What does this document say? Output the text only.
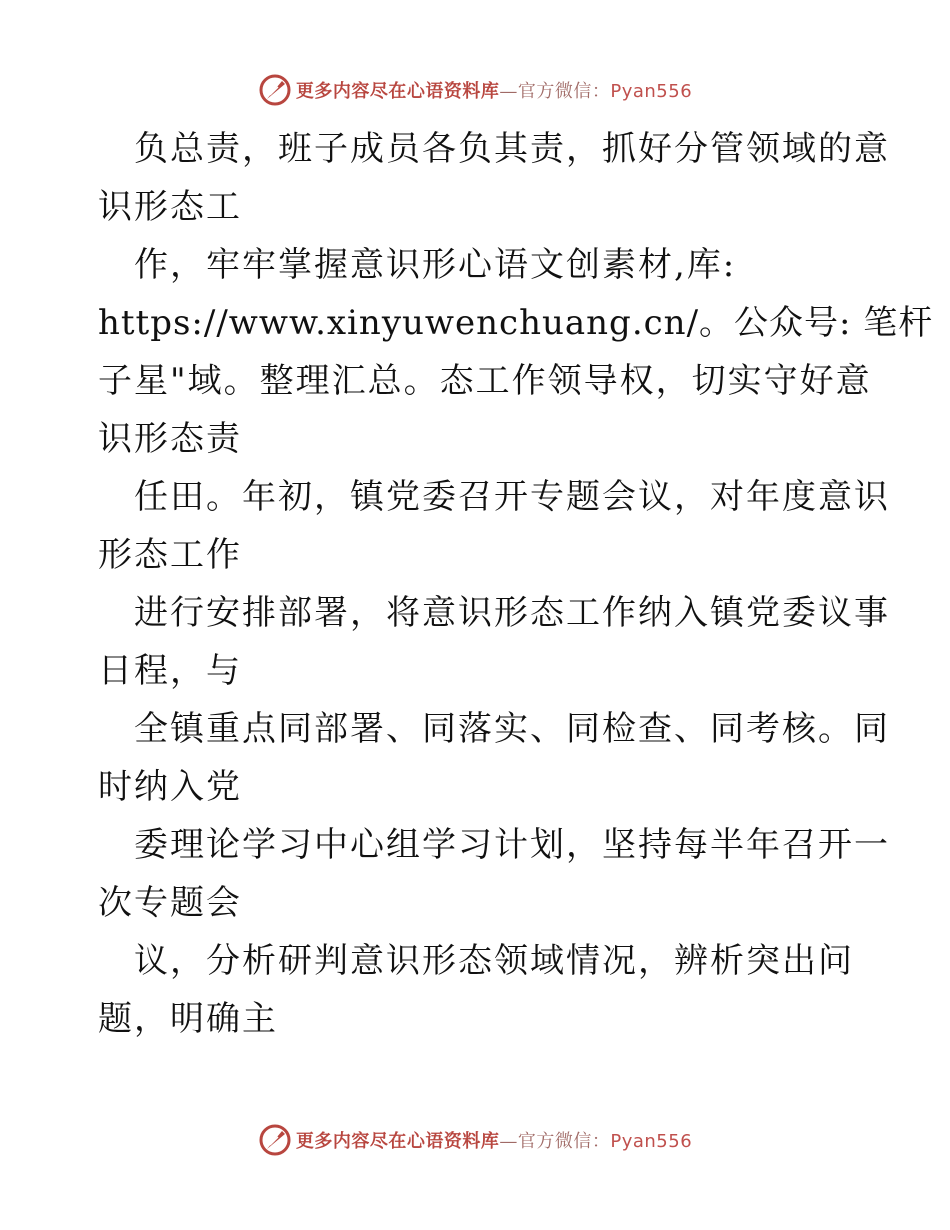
更多内容尽在心语资料库—官方微信：Pyan556
负总责，班子成员各负其责，抓好分管领域的意
识形态工
作，牢牢掌握意识形心语文创素材,库:
https://www.xinyuwenchuang.cn/。公众号: 笔杆
子星"域。整理汇总。态工作领导权，切实守好意
识形态责
任田。年初，镇党委召开专题会议，对年度意识
形态工作
进行安排部署，将意识形态工作纳入镇党委议事
日程，与
全镇重点同部署、同落实、同检查、同考核。同
时纳入党
委理论学习中心组学习计划，坚持每半年召开一
次专题会
议，分析研判意识形态领域情况，辨析突出问
题，明确主
更多内容尽在心语资料库—官方微信：Pyan556
